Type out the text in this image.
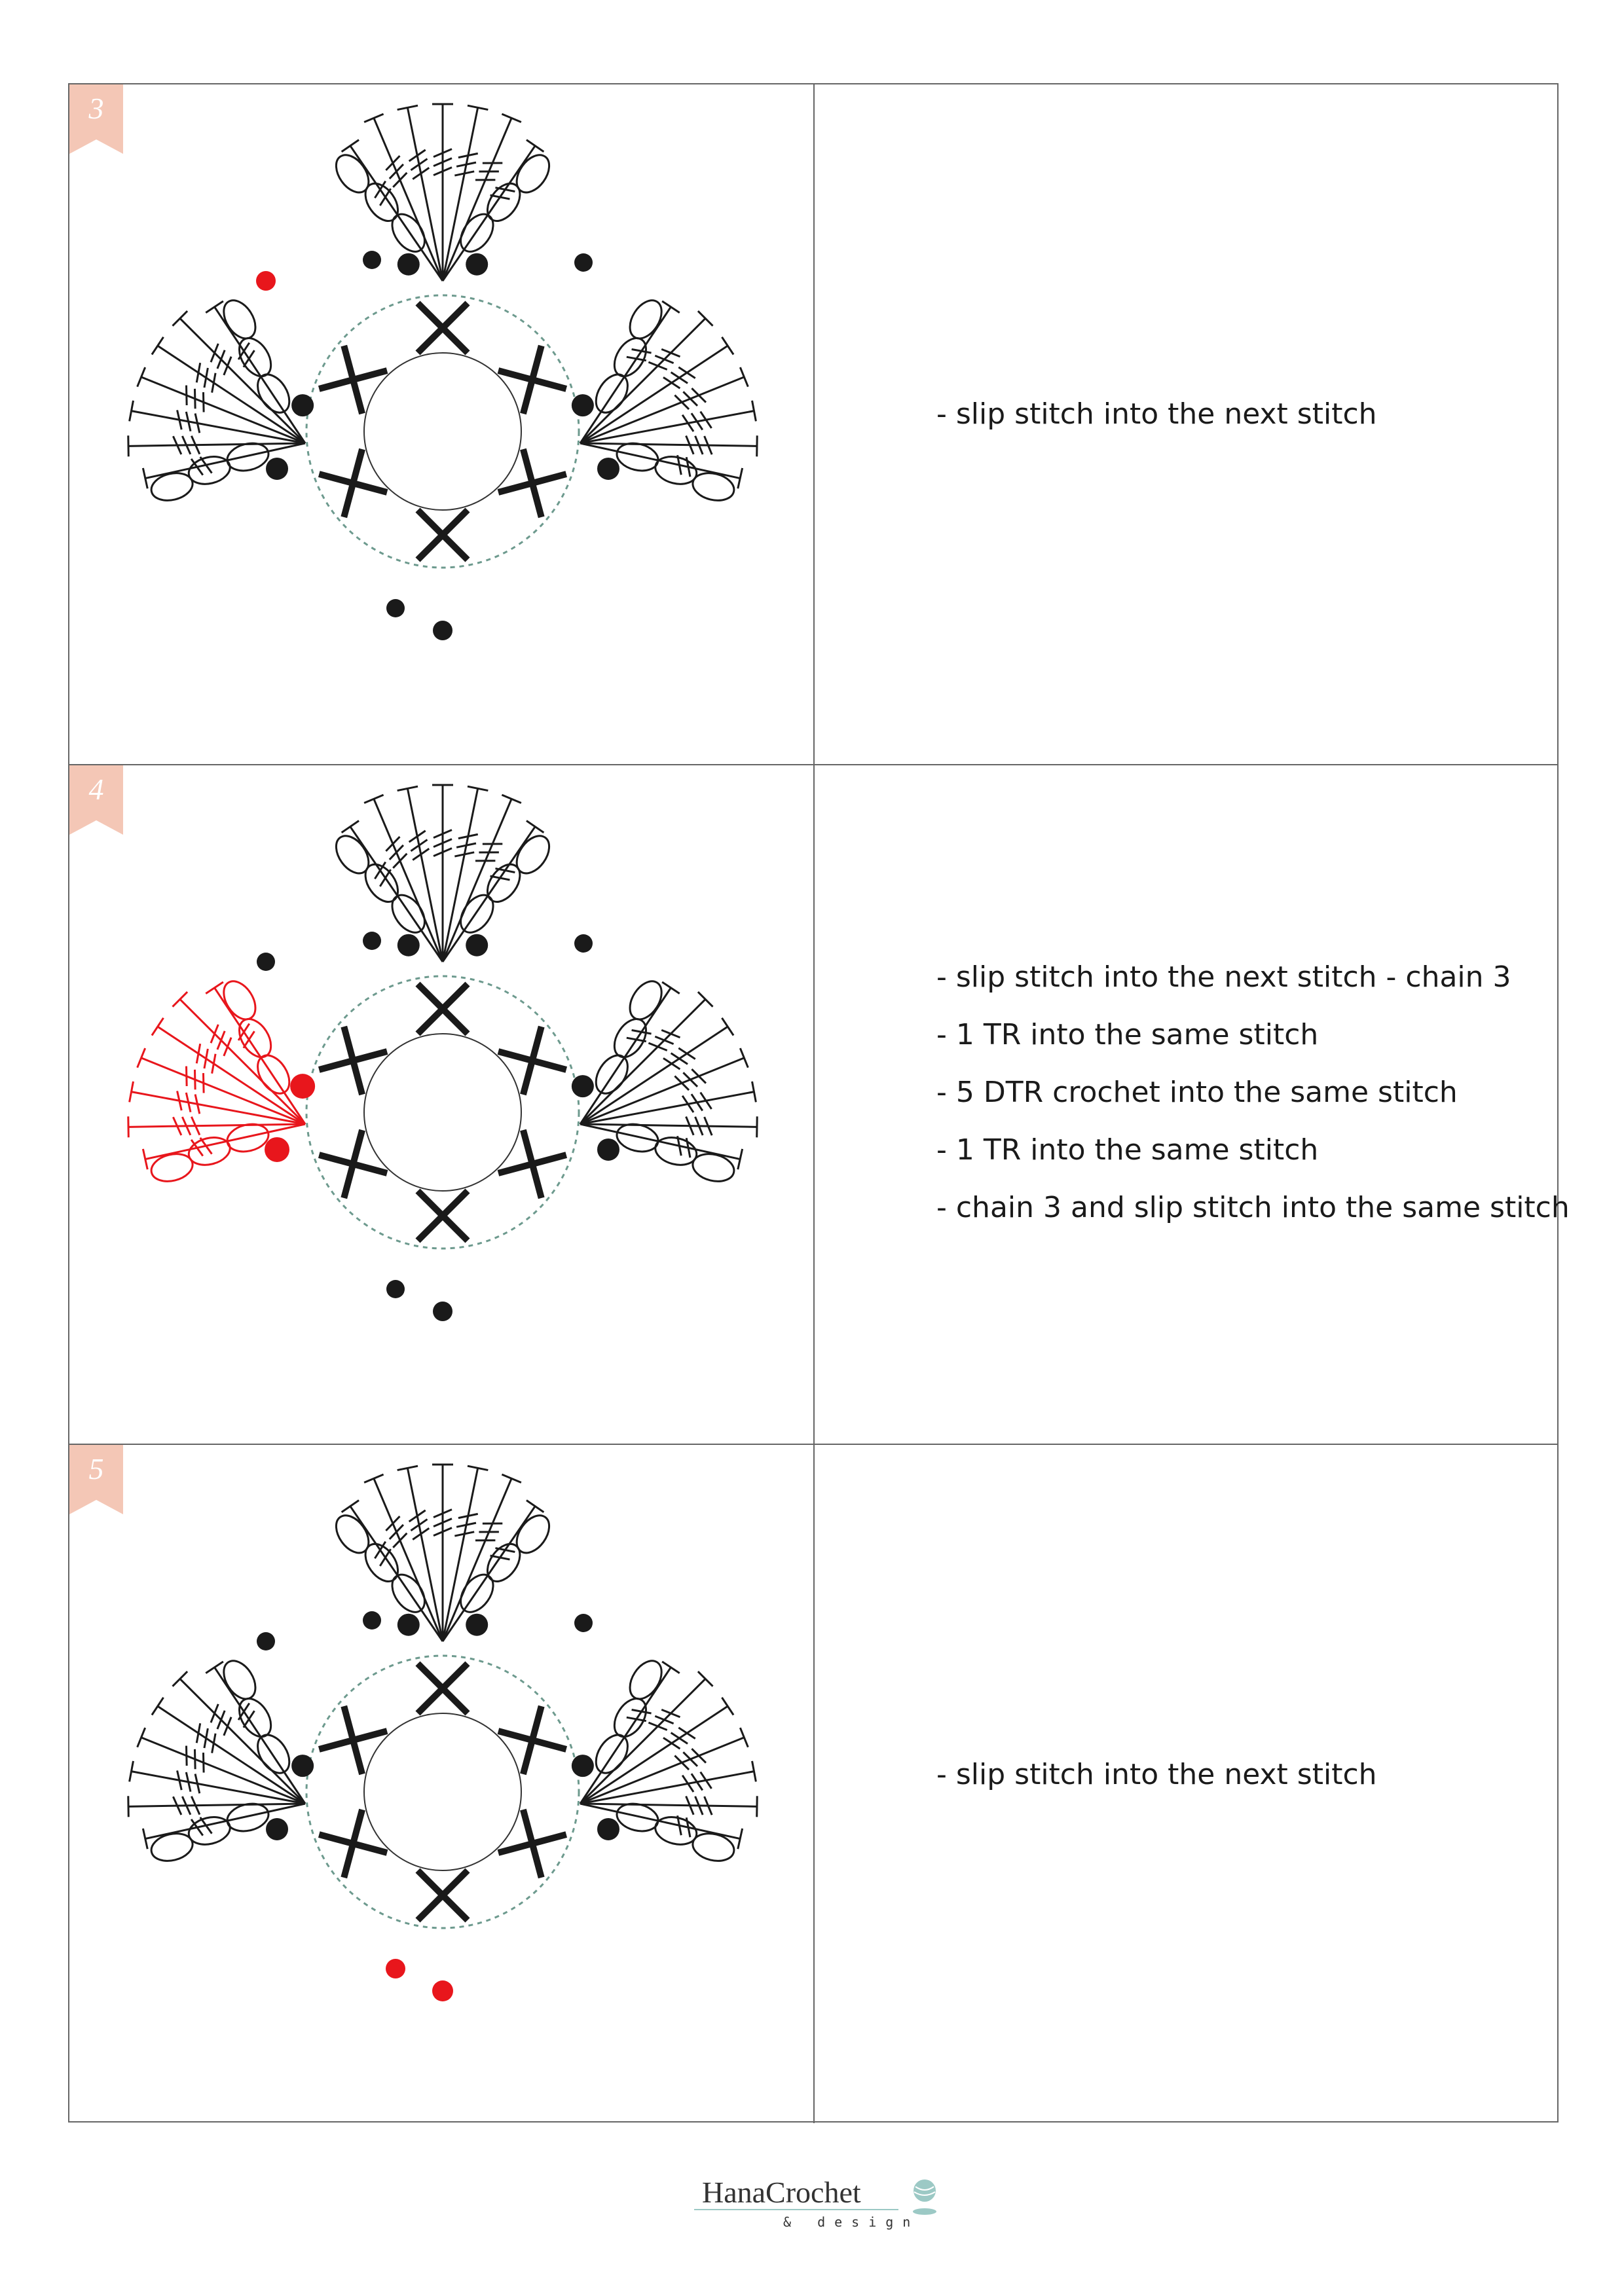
3
- slip stitch into the next stitch
4
- slip stitch into the next stitch - chain 3
- 1 TR into the same stitch
- 5 DTR crochet into the same stitch
- 1 TR into the same stitch
- chain 3 and slip stitch into the same stitch
5
- slip stitch into the next stitch
HanaCrochet
& design
